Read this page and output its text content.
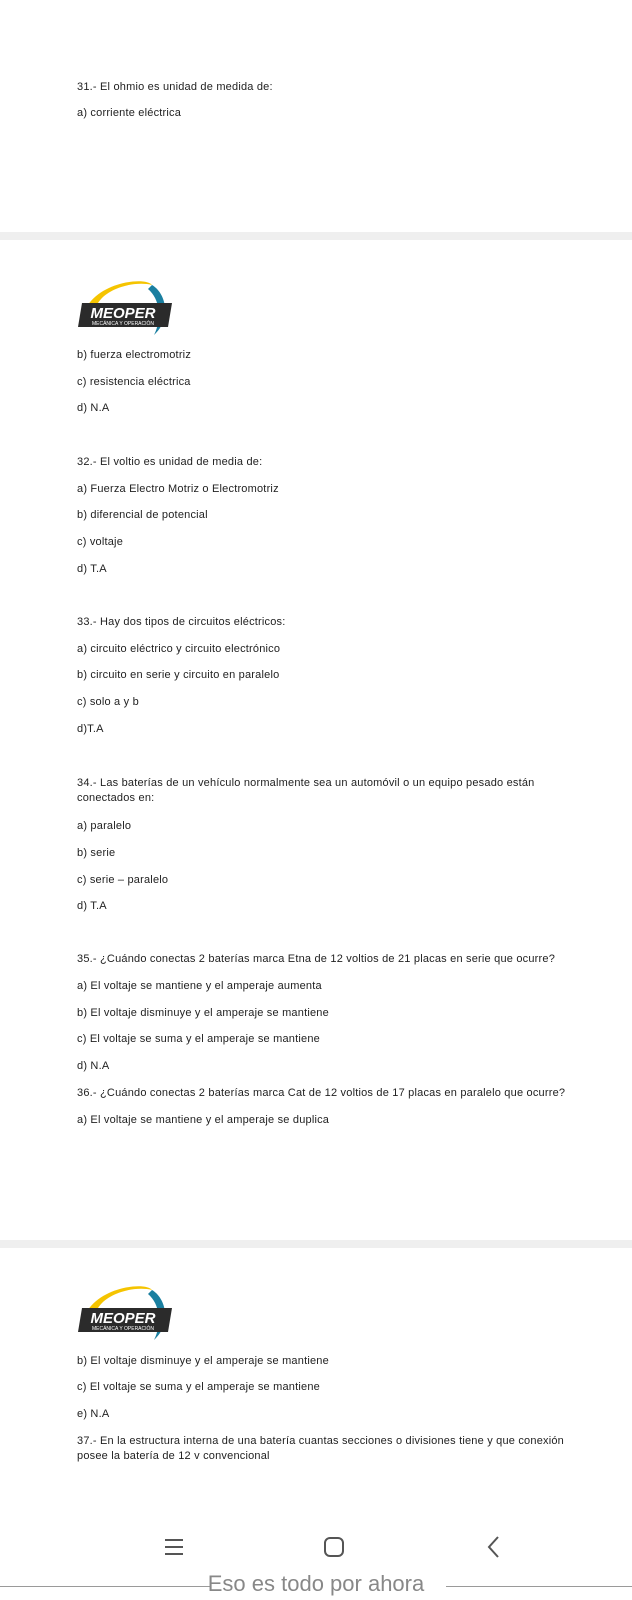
31.- El ohmio es unidad de medida de:
a) corriente eléctrica
MEOPER
MECÁNICA Y OPERACIÓN
b) fuerza electromotriz
c) resistencia eléctrica
d) N.A
32.- El voltio es unidad de media de:
a) Fuerza Electro Motriz o Electromotriz
b) diferencial de potencial
c) voltaje
d) T.A
33.- Hay dos tipos de circuitos eléctricos:
a) circuito eléctrico y circuito electrónico
b) circuito en serie y circuito en paralelo
c) solo a y b
d)T.A
34.- Las baterías de un vehículo normalmente sea un automóvil o un equipo pesado están conectados en:
a) paralelo
b) serie
c) serie – paralelo
d) T.A
35.- ¿Cuándo conectas 2 baterías marca Etna de 12 voltios de 21 placas en serie que ocurre?
a) El voltaje se mantiene y el amperaje aumenta
b) El voltaje disminuye y el amperaje se mantiene
c) El voltaje se suma y el amperaje se mantiene
d) N.A
36.- ¿Cuándo conectas 2 baterías marca Cat de 12 voltios de 17 placas en paralelo que ocurre?
a) El voltaje se mantiene y el amperaje se duplica
MEOPER
MECÁNICA Y OPERACIÓN
b) El voltaje disminuye y el amperaje se mantiene
c) El voltaje se suma y el amperaje se mantiene
e) N.A
37.- En la estructura interna de una batería cuantas secciones o divisiones tiene y que conexión posee la batería de 12 v convencional
Eso es todo por ahora
